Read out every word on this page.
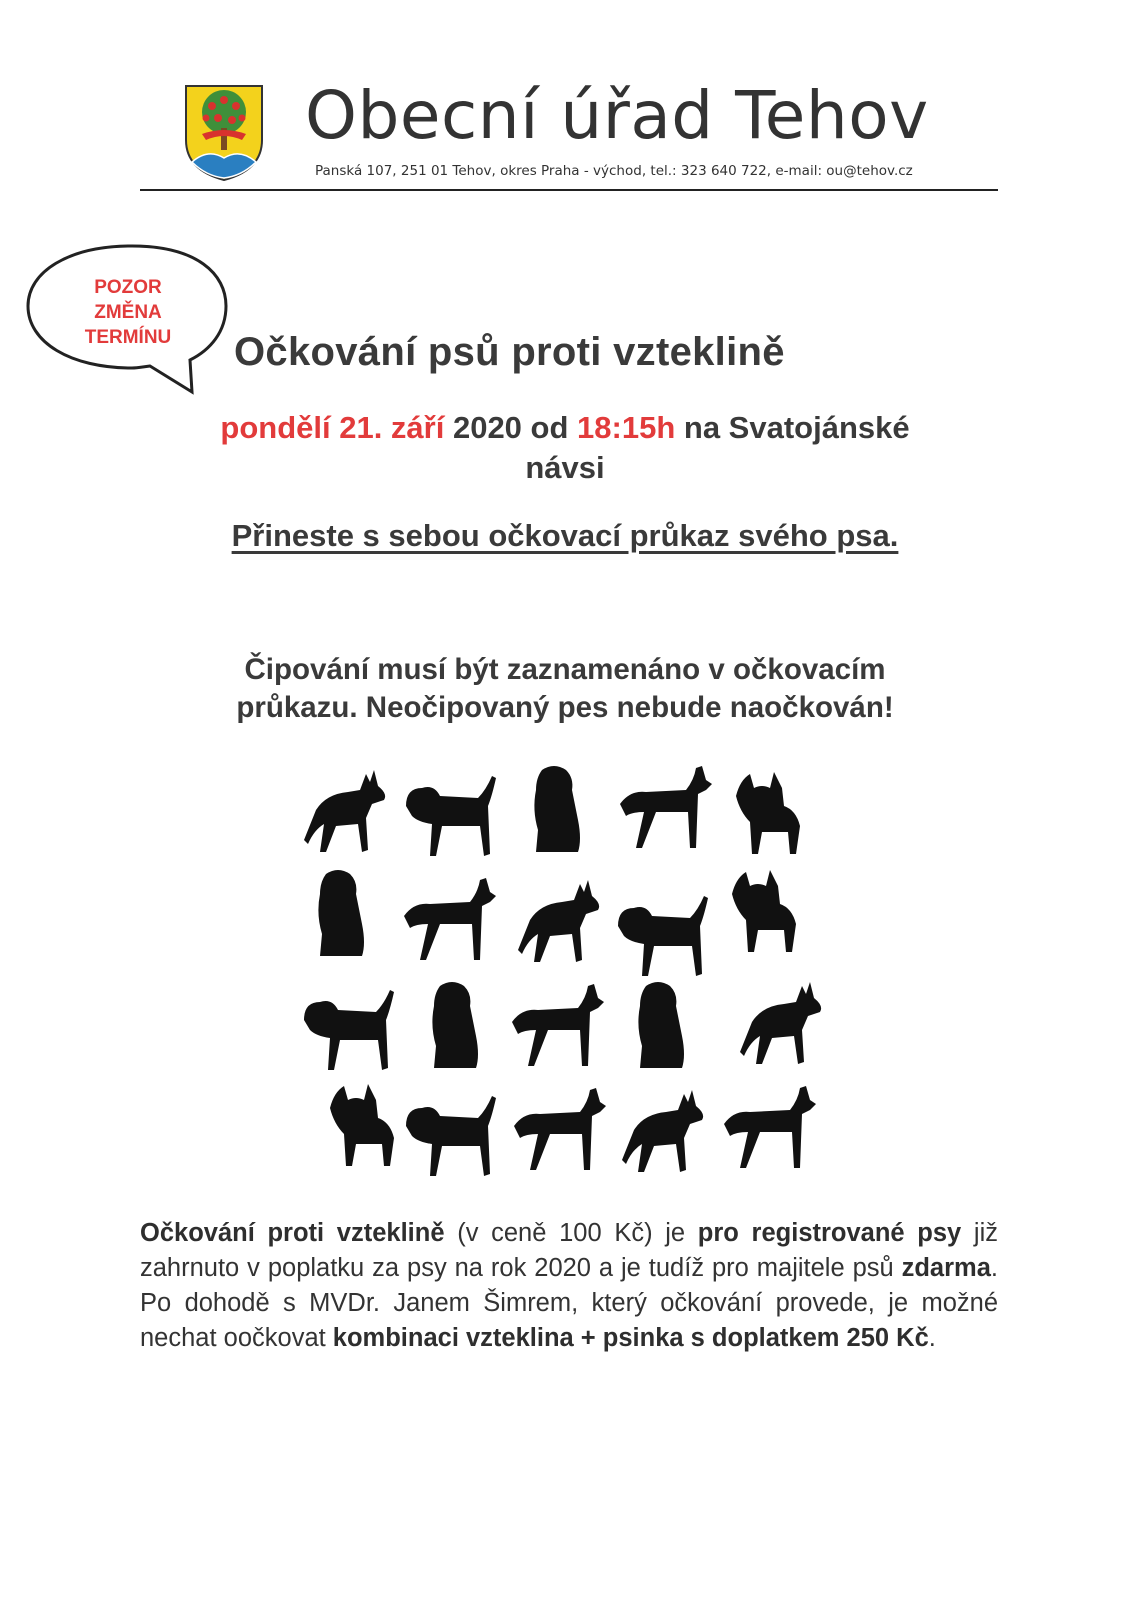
Obecní úřad Tehov
Panská 107, 251 01 Tehov, okres Praha - východ, tel.: 323 640 722, e-mail: ou@tehov.cz
POZOR
ZMĚNA
TERMÍNU	Očkování psů proti vzteklině
pondělí 21. září 2020 od 18:15h na Svatojánské
návsi
Přineste s sebou očkovací průkaz svého psa.
Čipování musí být zaznamenáno v očkovacím
průkazu. Neočipovaný pes nebude naočkován!
Očkování proti vzteklině (v ceně 100 Kč) je pro registrované psy již zahrnuto v poplatku za psy na rok 2020 a je tudíž pro majitele psů zdarma. Po dohodě s MVDr. Janem Šimrem, který očkování provede, je možné nechat oočkovat kombinaci vzteklina + psinka s doplatkem 250 Kč.
